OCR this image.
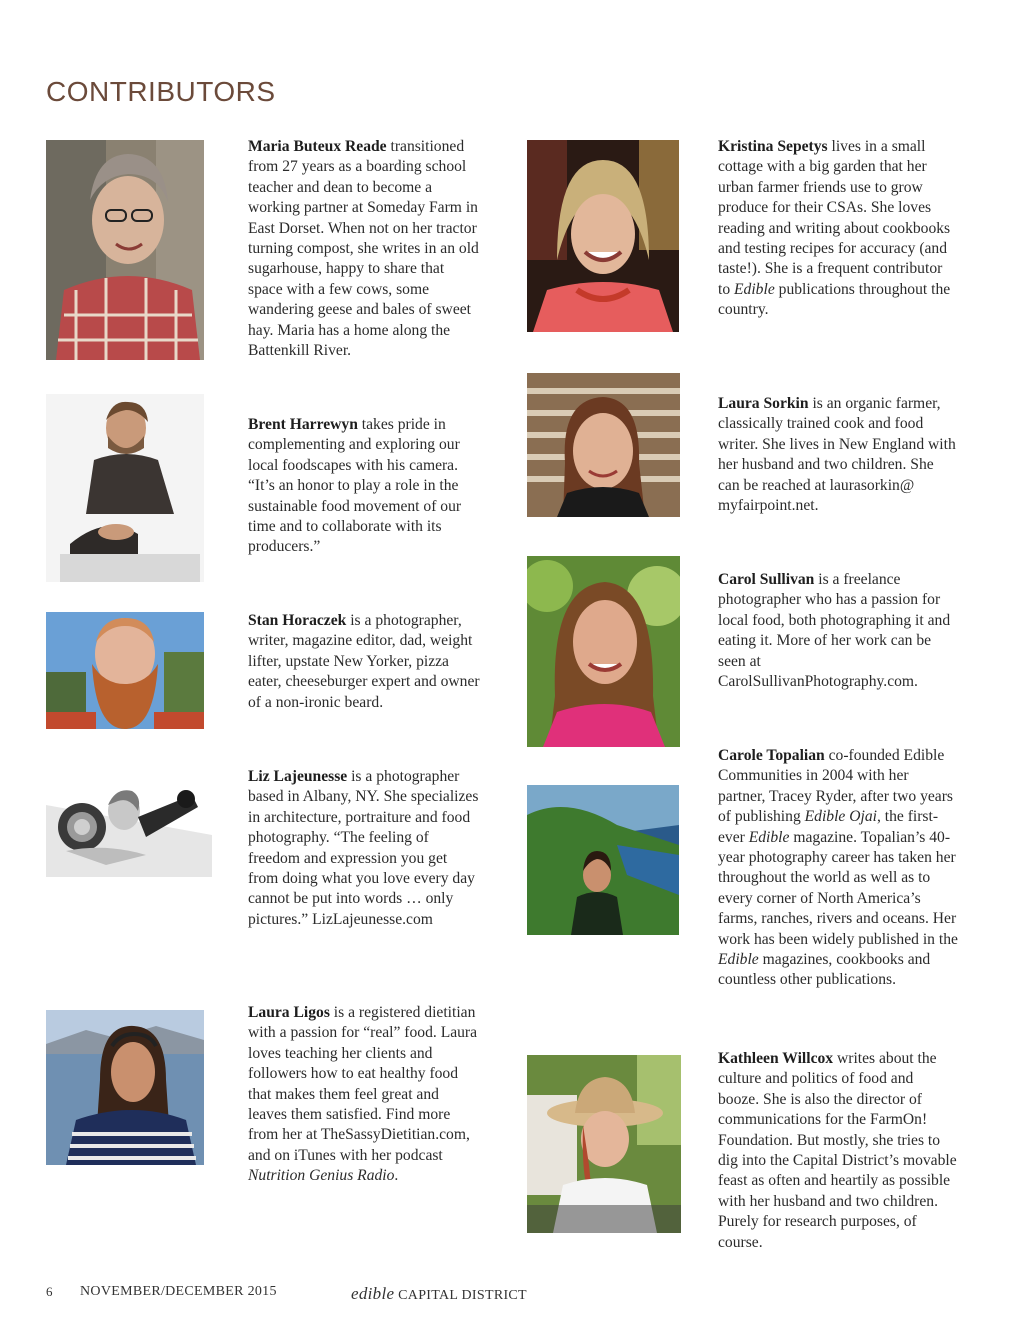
CONTRIBUTORS
Maria Buteux Reade transitioned from 27 years as a boarding school teacher and dean to become a working partner at Someday Farm in East Dorset. When not on her tractor turning compost, she writes in an old sugarhouse, happy to share that space with a few cows, some wandering geese and bales of sweet hay. Maria has a home along the Battenkill River.
Brent Harrewyn takes pride in complementing and exploring our local foodscapes with his camera. “It’s an honor to play a role in the sustainable food movement of our time and to collaborate with its producers.”
Stan Horaczek is a photographer, writer, magazine editor, dad, weight lifter, upstate New Yorker, pizza eater, cheeseburger expert and owner of a non-ironic beard.
Liz Lajeunesse is a photographer based in Albany, NY. She specializes in architecture, portraiture and food photography. “The feeling of freedom and expression you get from doing what you love every day cannot be put into words … only pictures.” LizLajeunesse.com
Laura Ligos is a registered dietitian with a passion for “real” food. Laura loves teaching her clients and followers how to eat healthy food that makes them feel great and leaves them satisfied. Find more from her at TheSassyDietitian.com, and on iTunes with her podcast Nutrition Genius Radio.
Kristina Sepetys lives in a small cottage with a big garden that her urban farmer friends use to grow produce for their CSAs. She loves reading and writing about cookbooks and testing recipes for accuracy (and taste!). She is a frequent contributor to Edible publications throughout the country.
Laura Sorkin is an organic farmer, classically trained cook and food writer. She lives in New England with her husband and two children. She can be reached at laurasorkin@ myfairpoint.net.
Carol Sullivan is a freelance photographer who has a passion for local food, both photographing it and eating it. More of her work can be seen at CarolSullivanPhotography.com.
Carole Topalian co-founded Edible Communities in 2004 with her partner, Tracey Ryder, after two years of publishing Edible Ojai, the first-ever Edible magazine. Topalian’s 40-year photography career has taken her throughout the world as well as to every corner of North America’s farms, ranches, rivers and oceans. Her work has been widely published in the Edible magazines, cookbooks and countless other publications.
Kathleen Willcox writes about the culture and politics of food and booze. She is also the director of communications for the FarmOn! Foundation. But mostly, she tries to dig into the Capital District’s movable feast as often and heartily as possible with her husband and two children. Purely for research purposes, of course.
6 NOVEMBER/DECEMBER 2015	edible CAPITAL DISTRICT
